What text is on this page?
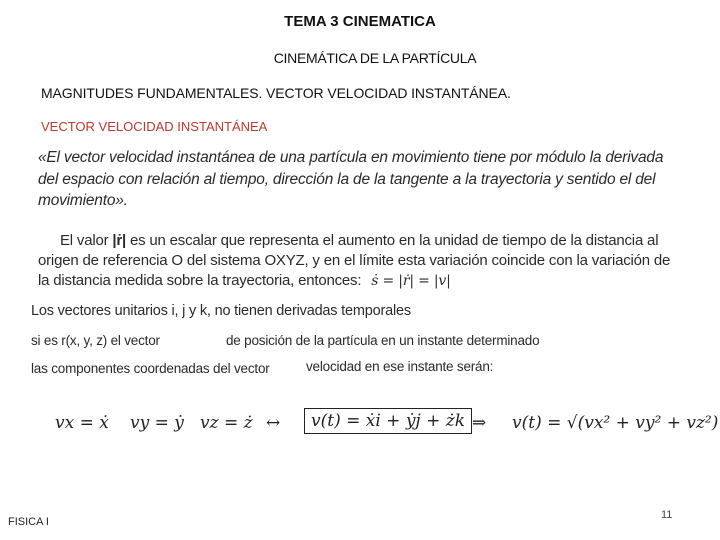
TEMA 3 CINEMATICA
CINEMÁTICA DE LA PARTÍCULA
MAGNITUDES FUNDAMENTALES. VECTOR VELOCIDAD INSTANTÁNEA.
VECTOR VELOCIDAD INSTANTÁNEA
«El vector velocidad instantánea de una partícula en movimiento tiene por módulo la derivada del espacio con relación al tiempo, dirección la de la tangente a la trayectoria y sentido el del movimiento».
El valor |ṙ| es un escalar que representa el aumento en la unidad de tiempo de la distancia al origen de referencia O del sistema OXYZ, y en el límite esta variación coincide con la variación de la distancia medida sobre la trayectoria, entonces: ṡ = |ṙ| = |v|
Los vectores unitarios i, j y k, no tienen derivadas temporales
si es r(x, y, z) el vector	de posición de la partícula en un instante determinado
las componentes coordenadas del vector	velocidad en ese instante serán:
vx = ẋ vy = ẏ vz = ż ↔	v(t) = ẋi + ẏj + żk ⇒ v(t) = √(vx² + vy² + vz²)
FISICA I
11
